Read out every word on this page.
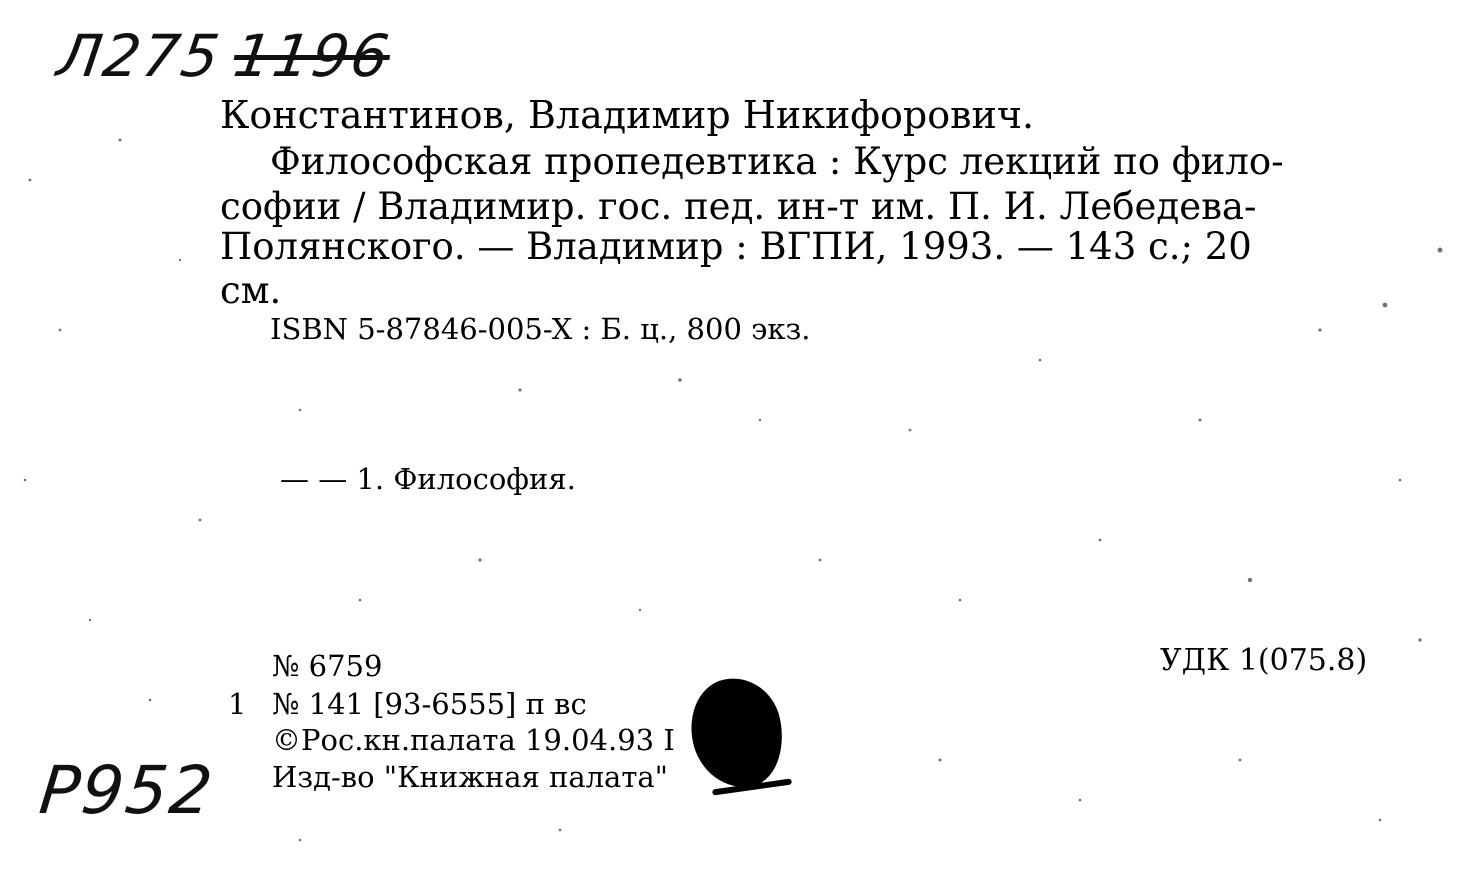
Л2751196
Константинов, Владимир Никифорович.
Философская пропедевтика : Курс лекций по фило-
софии / Владимир. гос. пед. ин-т им. П. И. Лебедева-
Полянского. — Владимир : ВГПИ, 1993. — 143 с.; 20
см.
ISBN 5-87846-005-X : Б. ц., 800 экз.
— — 1. Философия.
№ 6759
1 № 141 [93-6555] п вс
©Рос.кн.палата 19.04.93 I
Изд-во "Книжная палата"
УДК 1(075.8)
Р952
